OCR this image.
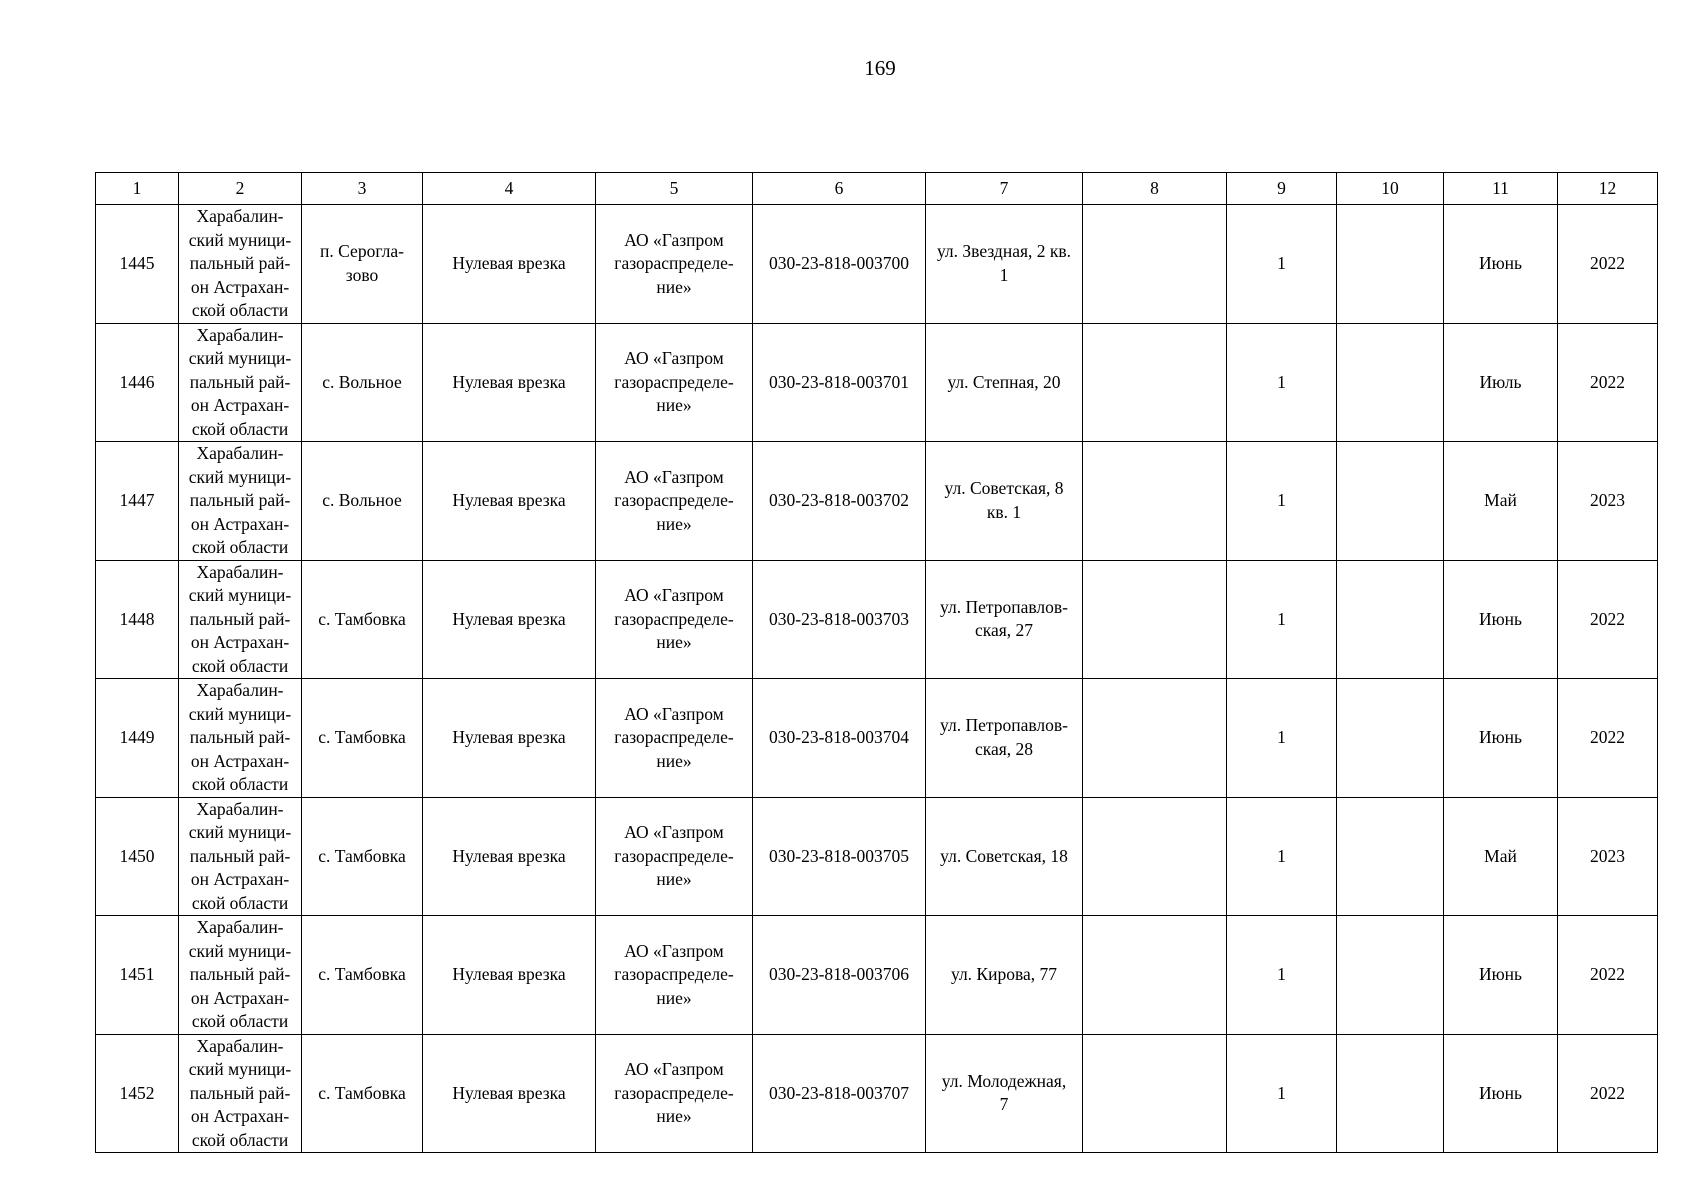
169
1	2	3	4	5	6	7	8	9	10	11	12
1445	Харабалин-
ский муници-
пальный рай-
он Астрахан-
ской области	п. Серогла-
зово	Нулевая врезка	АО «Газпром
газораспределе-
ние»	030-23-818-003700	ул. Звездная, 2 кв.
1		1		Июнь	2022
1446	Харабалин-
ский муници-
пальный рай-
он Астрахан-
ской области	с. Вольное	Нулевая врезка	АО «Газпром
газораспределе-
ние»	030-23-818-003701	ул. Степная, 20		1		Июль	2022
1447	Харабалин-
ский муници-
пальный рай-
он Астрахан-
ской области	с. Вольное	Нулевая врезка	АО «Газпром
газораспределе-
ние»	030-23-818-003702	ул. Советская, 8
кв. 1		1		Май	2023
1448	Харабалин-
ский муници-
пальный рай-
он Астрахан-
ской области	с. Тамбовка	Нулевая врезка	АО «Газпром
газораспределе-
ние»	030-23-818-003703	ул. Петропавлов-
ская, 27		1		Июнь	2022
1449	Харабалин-
ский муници-
пальный рай-
он Астрахан-
ской области	с. Тамбовка	Нулевая врезка	АО «Газпром
газораспределе-
ние»	030-23-818-003704	ул. Петропавлов-
ская, 28		1		Июнь	2022
1450	Харабалин-
ский муници-
пальный рай-
он Астрахан-
ской области	с. Тамбовка	Нулевая врезка	АО «Газпром
газораспределе-
ние»	030-23-818-003705	ул. Советская, 18		1		Май	2023
1451	Харабалин-
ский муници-
пальный рай-
он Астрахан-
ской области	с. Тамбовка	Нулевая врезка	АО «Газпром
газораспределе-
ние»	030-23-818-003706	ул. Кирова, 77		1		Июнь	2022
1452	Харабалин-
ский муници-
пальный рай-
он Астрахан-
ской области	с. Тамбовка	Нулевая врезка	АО «Газпром
газораспределе-
ние»	030-23-818-003707	ул. Молодежная,
7		1		Июнь	2022
